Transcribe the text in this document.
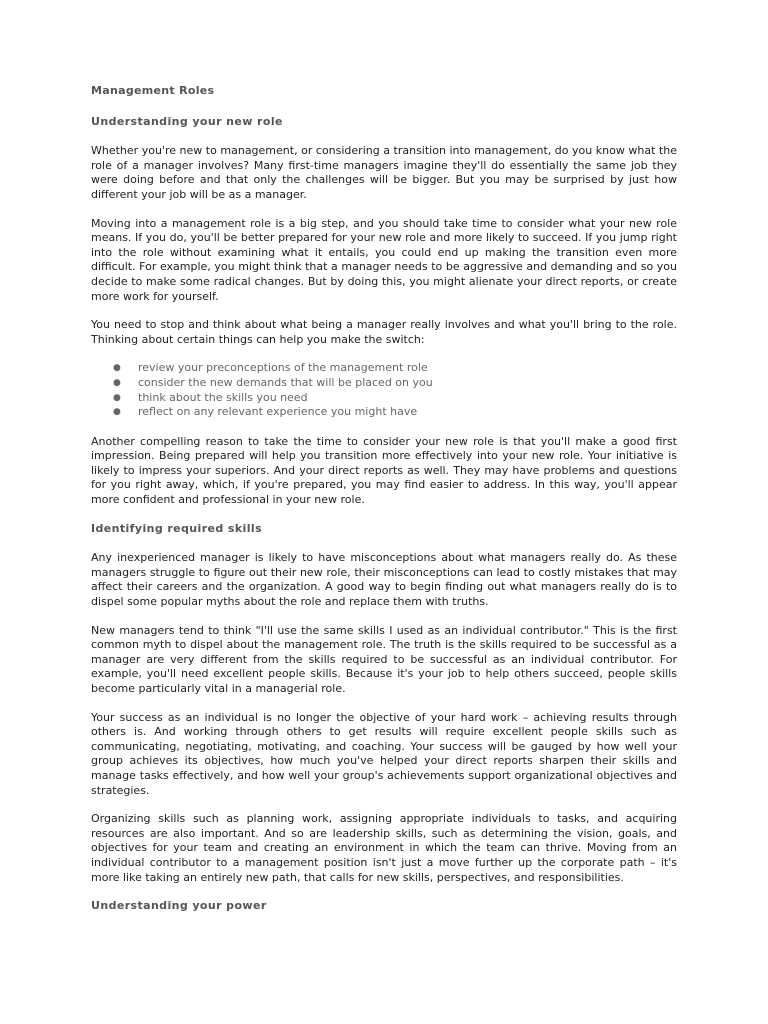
Management Roles
Understanding your new role

Whether you're new to management, or considering a transition into management, do you know what the role of a manager involves? Many first-time managers imagine they'll do essentially the same job they were doing before and that only the challenges will be bigger. But you may be surprised by just how different your job will be as a manager.

Moving into a management role is a big step, and you should take time to consider what your new role means. If you do, you'll be better prepared for your new role and more likely to succeed. If you jump right into the role without examining what it entails, you could end up making the transition even more difficult. For example, you might think that a manager needs to be aggressive and demanding and so you decide to make some radical changes. But by doing this, you might alienate your direct reports, or create more work for yourself.

You need to stop and think about what being a manager really involves and what you'll bring to the role. Thinking about certain things can help you make the switch:

● review your preconceptions of the management role
● consider the new demands that will be placed on you
● think about the skills you need
● reflect on any relevant experience you might have

Another compelling reason to take the time to consider your new role is that you'll make a good first impression. Being prepared will help you transition more effectively into your new role. Your initiative is likely to impress your superiors. And your direct reports as well. They may have problems and questions for you right away, which, if you're prepared, you may find easier to address. In this way, you'll appear more confident and professional in your new role.

Identifying required skills

Any inexperienced manager is likely to have misconceptions about what managers really do. As these managers struggle to figure out their new role, their misconceptions can lead to costly mistakes that may affect their careers and the organization. A good way to begin finding out what managers really do is to dispel some popular myths about the role and replace them with truths.

New managers tend to think "I'll use the same skills I used as an individual contributor." This is the first common myth to dispel about the management role. The truth is the skills required to be successful as a manager are very different from the skills required to be successful as an individual contributor. For example, you'll need excellent people skills. Because it's your job to help others succeed, people skills become particularly vital in a managerial role.

Your success as an individual is no longer the objective of your hard work – achieving results through others is. And working through others to get results will require excellent people skills such as communicating, negotiating, motivating, and coaching. Your success will be gauged by how well your group achieves its objectives, how much you've helped your direct reports sharpen their skills and manage tasks effectively, and how well your group's achievements support organizational objectives and strategies.

Organizing skills such as planning work, assigning appropriate individuals to tasks, and acquiring resources are also important. And so are leadership skills, such as determining the vision, goals, and objectives for your team and creating an environment in which the team can thrive. Moving from an individual contributor to a management position isn't just a move further up the corporate path – it's more like taking an entirely new path, that calls for new skills, perspectives, and responsibilities.

Understanding your power
